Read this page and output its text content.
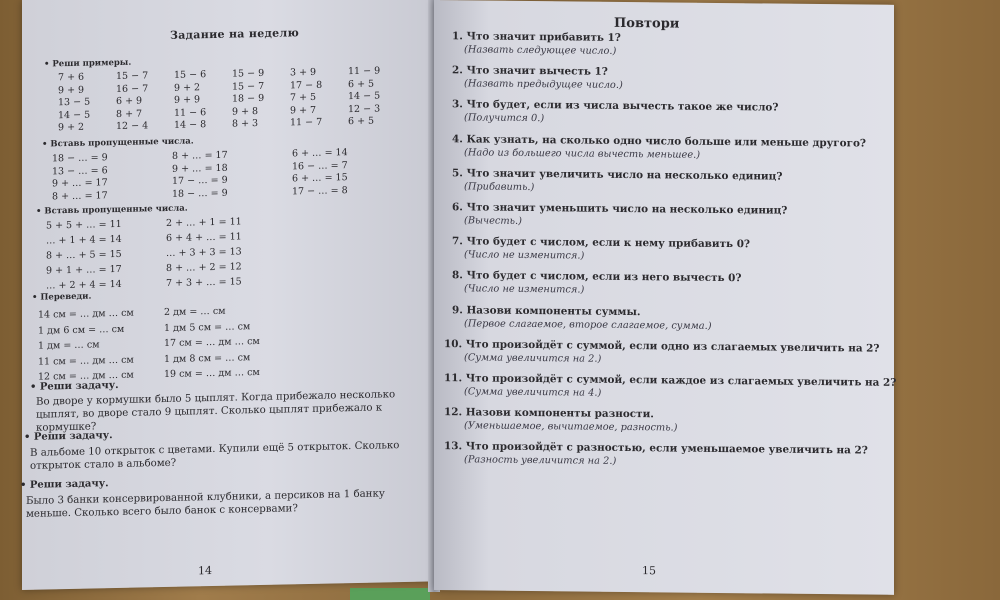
Задание на неделю
• Реши примеры.
7 + 6
9 + 9
13 − 5
14 − 5
9 + 2
15 − 7
16 − 7
6 + 9
8 + 7
12 − 4
15 − 6
9 + 2
9 + 9
11 − 6
14 − 8
15 − 9
15 − 7
18 − 9
9 + 8
8 + 3
3 + 9
17 − 8
7 + 5
9 + 7
11 − 7
11 − 9
6 + 5
14 − 5
12 − 3
6 + 5
• Вставь пропущенные числа.
18 − … = 9
13 − … = 6
9 + … = 17
8 + … = 17
8 + … = 17
9 + … = 18
17 − … = 9
18 − … = 9
6 + … = 14
16 − … = 7
6 + … = 15
17 − … = 8
• Вставь пропущенные числа.
5 + 5 + … = 11
… + 1 + 4 = 14
8 + … + 5 = 15
9 + 1 + … = 17
… + 2 + 4 = 14
2 + … + 1 = 11
6 + 4 + … = 11
… + 3 + 3 = 13
8 + … + 2 = 12
7 + 3 + … = 15
• Переведи.
14 см = … дм … см
1 дм 6 см = … см
1 дм = … см
11 см = … дм … см
12 см = … дм … см
2 дм = … см
1 дм 5 см = … см
17 см = … дм … см
1 дм 8 см = … см
19 см = … дм … см
• Реши задачу.
Во дворе у кормушки было 5 цыплят. Когда прибежало несколько цыплят, во дворе стало 9 цыплят. Сколько цыплят прибежало к кормушке?
• Реши задачу.
В альбоме 10 открыток с цветами. Купили ещё 5 открыток. Сколько открыток стало в альбоме?
• Реши задачу.
Было 3 банки консервированной клубники, а персиков на 1 банку меньше. Сколько всего было банок с консервами?
14
Повтори
1. Что значит прибавить 1?
(Назвать следующее число.)
2. Что значит вычесть 1?
(Назвать предыдущее число.)
3. Что будет, если из числа вычесть такое же число?
(Получится 0.)
4. Как узнать, на сколько одно число больше или меньше другого?
(Надо из большего числа вычесть меньшее.)
5. Что значит увеличить число на несколько единиц?
(Прибавить.)
6. Что значит уменьшить число на несколько единиц?
(Вычесть.)
7. Что будет с числом, если к нему прибавить 0?
(Число не изменится.)
8. Что будет с числом, если из него вычесть 0?
(Число не изменится.)
9. Назови компоненты суммы.
(Первое слагаемое, второе слагаемое, сумма.)
10. Что произойдёт с суммой, если одно из слагаемых увеличить на 2?
(Сумма увеличится на 2.)
11. Что произойдёт с суммой, если каждое из слагаемых увеличить на 2?
(Сумма увеличится на 4.)
12. Назови компоненты разности.
(Уменьшаемое, вычитаемое, разность.)
13. Что произойдёт с разностью, если уменьшаемое увеличить на 2?
(Разность увеличится на 2.)
15
